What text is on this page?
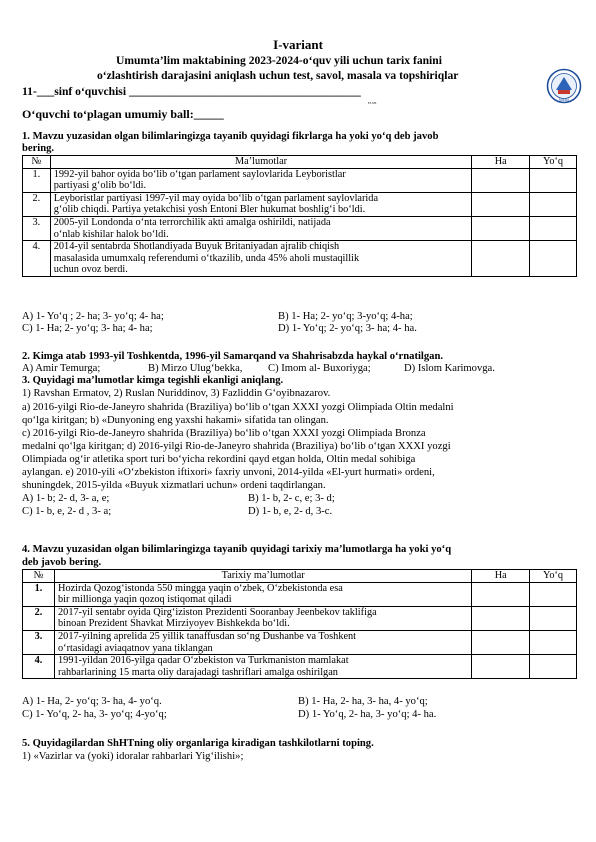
I-variant
Umumta’lim maktabining 2023-2024-o‘quv yili uchun tarix fanini
o‘zlashtirish darajasini aniqlash uchun test, savol, masala va topshiriqlar
11-___sinf o‘quvchisi ________________________________________
F.I.SH.
O‘quvchi to‘plagan umumiy ball:_____
RAKBA
1. Mavzu yuzasidan olgan bilimlaringizga tayanib quyidagi fikrlarga ha yoki yo‘q deb javob
bering.
№	Ma’lumotlar	Ha	Yo‘q
1.	1992-yil bahor oyida bo‘lib o‘tgan parlament saylovlarida Leyboristlar
partiyasi g‘olib bo‘ldi.		

2.	Leyboristlar partiyasi 1997-yil may oyida bo‘lib o‘tgan parlament saylovlarida
g‘olib chiqdi. Partiya yetakchisi yosh Entoni Bler hukumat boshlig‘i bo‘ldi.		

3.	2005-yil Londonda o‘nta terrorchilik akti amalga oshirildi, natijada
o‘nlab kishilar halok bo‘ldi.		

4.	2014-yil sentabrda Shotlandiyada Buyuk Britaniyadan ajralib chiqish
masalasida umumxalq referendumi o‘tkazilib, unda 45% aholi mustaqillik
uchun ovoz berdi.		

A) 1- Yo‘q ; 2- ha; 3- yo‘q; 4- ha;	B) 1- Ha; 2- yo‘q; 3-yo‘q; 4-ha;
C) 1- Ha; 2- yo‘q; 3- ha; 4- ha;	D) 1- Yo‘q; 2- yo‘q; 3- ha; 4- ha.
2. Kimga atab 1993-yil Toshkentda, 1996-yil Samarqand va Shahrisabzda haykal o‘rnatilgan.
A) Amir Temurga;	B) Mirzo Ulug‘bekka, C) Imom al- Buxoriyga;	D) Islom Karimovga.
3. Quyidagi ma’lumotlar kimga tegishli ekanligi aniqlang.
1) Ravshan Ermatov, 2) Ruslan Nuriddinov, 3) Fazliddin G‘oyibnazarov.
a) 2016-yilgi Rio-de-Janeyro shahrida (Braziliya) bo‘lib o‘tgan XXXI yozgi Olimpiada Oltin medalni
qo‘lga kiritgan; b) «Dunyoning eng yaxshi hakami» sifatida tan olingan.
c) 2016-yilgi Rio-de-Janeyro shahrida (Braziliya) bo‘lib o‘tgan XXXI yozgi Olimpiada Bronza
medalni qo‘lga kiritgan; d) 2016-yilgi Rio-de-Janeyro shahrida (Braziliya) bo‘lib o‘tgan XXXI yozgi
Olimpiada og‘ir atletika sport turi bo‘yicha rekordini qayd etgan holda, Oltin medal sohibiga
aylangan. e) 2010-yili «O‘zbekiston iftixori» faxriy unvoni, 2014-yilda «El-yurt hurmati» ordeni,
shuningdek, 2015-yilda «Buyuk xizmatlari uchun» ordeni taqdirlangan.
A) 1- b; 2- d, 3- a, e;	B) 1- b, 2- c, e; 3- d;
C) 1- b, e, 2- d , 3- a;	D) 1- b, e, 2- d, 3-c.
4. Mavzu yuzasidan olgan bilimlaringizga tayanib quyidagi tarixiy ma’lumotlarga ha yoki yo‘q
deb javob bering.
№	Tarixiy ma’lumotlar	Ha	Yo‘q
1.	Hozirda Qozog‘istonda 550 mingga yaqin o‘zbek, O‘zbekistonda esa
bir millionga yaqin qozoq istiqomat qiladi		

2.	2017-yil sentabr oyida Qirg‘iziston Prezidenti Sooranbay Jeenbekov taklifiga
binoan Prezident Shavkat Mirziyoyev Bishkekda bo‘ldi.		

3.	2017-yilning aprelida 25 yillik tanaffusdan so‘ng Dushanbe va Toshkent
o‘rtasidagi aviaqatnov yana tiklangan		

4.	1991-yildan 2016-yilga qadar O‘zbekiston va Turkmaniston mamlakat
rahbarlarining 15 marta oliy darajadagi tashriflari amalga oshirilgan		

A) 1- Ha, 2- yo‘q; 3- ha, 4- yo‘q.	B) 1- Ha, 2- ha, 3- ha, 4- yo‘q;
C) 1- Yo‘q, 2- ha, 3- yo‘q; 4-yo‘q;	D) 1- Yo‘q, 2- ha, 3- yo‘q; 4- ha.
5. Quyidagilardan ShHTning oliy organlariga kiradigan tashkilotlarni toping.
1) «Vazirlar va (yoki) idoralar rahbarlari Yig‘ilishi»;
